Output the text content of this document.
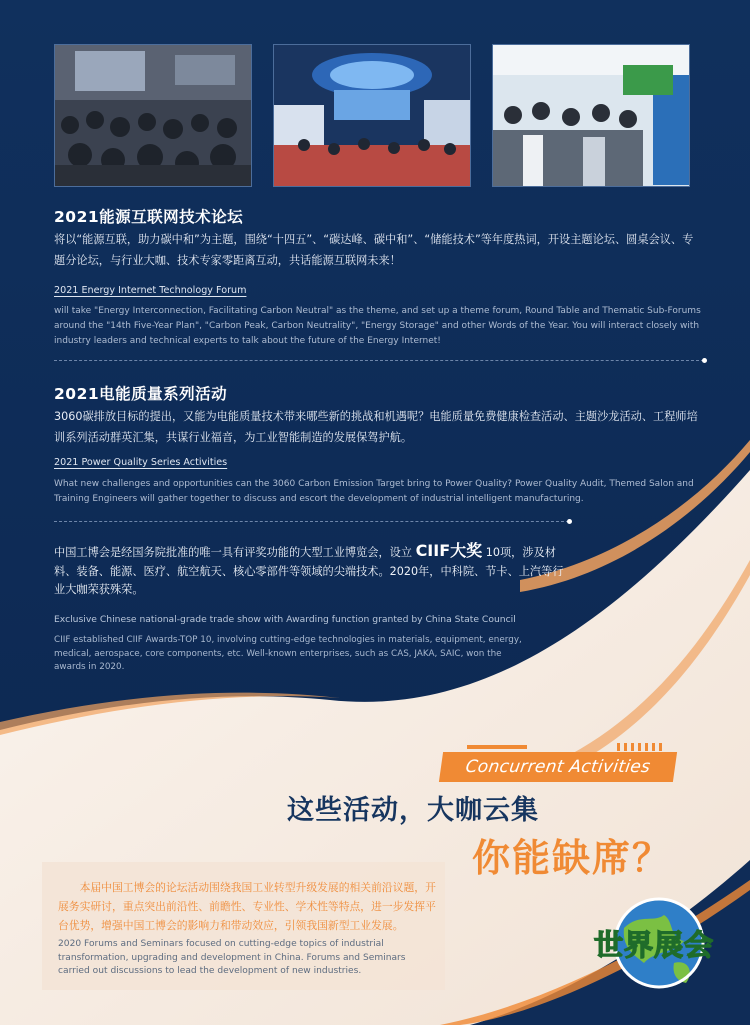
2021能源互联网技术论坛
将以“能源互联，助力碳中和”为主题，围绕“十四五”、“碳达峰、碳中和”、“储能技术”等年度热词，开设主题论坛、圆桌会议、专题分论坛，与行业大咖、技术专家零距离互动，共话能源互联网未来！
2021 Energy Internet Technology Forum
will take "Energy Interconnection, Facilitating Carbon Neutral" as the theme, and set up a theme forum, Round Table and Thematic Sub-Forums around the "14th Five-Year Plan", "Carbon Peak, Carbon Neutrality", "Energy Storage" and other Words of the Year. You will interact closely with industry leaders and technical experts to talk about the future of the Energy Internet!
2021电能质量系列活动
3060碳排放目标的提出，又能为电能质量技术带来哪些新的挑战和机遇呢？电能质量免费健康检查活动、主题沙龙活动、工程师培训系列活动群英汇集，共谋行业福音，为工业智能制造的发展保驾护航。
2021 Power Quality Series Activities
What new challenges and opportunities can the 3060 Carbon Emission Target bring to Power Quality? Power Quality Audit, Themed Salon and Training Engineers will gather together to discuss and escort the development of industrial intelligent manufacturing.
中国工博会是经国务院批准的唯一具有评奖功能的大型工业博览会，设立 CIIF大奖 10项，涉及材料、装备、能源、医疗、航空航天、核心零部件等领域的尖端技术。2020年，中科院、节卡、上汽等行业大咖荣获殊荣。
Exclusive Chinese national-grade trade show with Awarding function granted by China State Council
CIIF established CIIF Awards-TOP 10, involving cutting-edge technologies in materials, equipment, energy, medical, aerospace, core components, etc. Well-known enterprises, such as CAS, JAKA, SAIC, won the awards in 2020.
Concurrent Activities
这些活动，大咖云集
你能缺席？
本届中国工博会的论坛活动围绕我国工业转型升级发展的相关前沿议题，开展务实研讨，重点突出前沿性、前瞻性、专业性、学术性等特点，进一步发挥平台优势，增强中国工博会的影响力和带动效应，引领我国新型工业发展。
2020 Forums and Seminars focused on cutting-edge topics of industrial transformation, upgrading and development in China. Forums and Seminars carried out discussions to lead the development of new industries.
世界展会
